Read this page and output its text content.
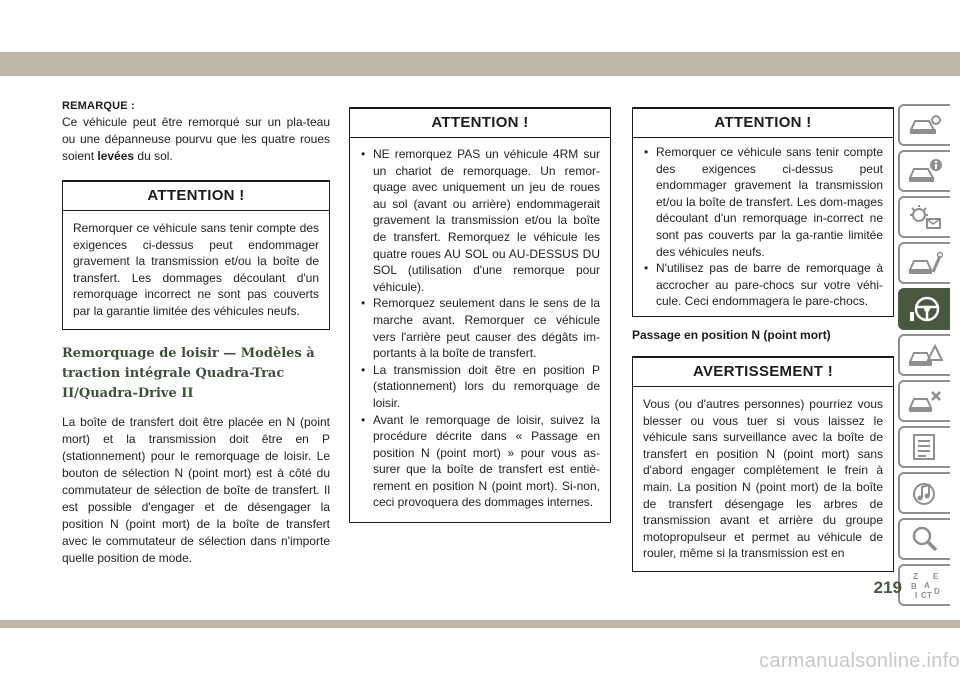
REMARQUE :
Ce véhicule peut être remorqué sur un pla-teau ou une dépanneuse pourvu que les quatre roues soient levées du sol.
ATTENTION !
Remorquer ce véhicule sans tenir compte des exigences ci-dessus peut endommager gravement la transmission et/ou la boîte de transfert. Les dommages découlant d'un remorquage incorrect ne sont pas couverts par la garantie limitée des véhicules neufs.
Remorquage de loisir — Modèles à traction intégrale Quadra-Trac II/Quadra-Drive II
La boîte de transfert doit être placée en N (point mort) et la transmission doit être en P (stationnement) pour le remorquage de loisir. Le bouton de sélection N (point mort) est à côté du commutateur de sélection de boîte de transfert. Il est possible d'engager et de désengager la position N (point mort) de la boîte de transfert avec le commutateur de sélection dans n'importe quelle position de mode.
ATTENTION !
• NE remorquez PAS un véhicule 4RM sur un chariot de remorquage. Un remor-quage avec uniquement un jeu de roues au sol (avant ou arrière) endommagerait gravement la transmission et/ou la boîte de transfert. Remorquez le véhicule les quatre roues AU SOL ou AU-DESSUS DU SOL (utilisation d'une remorque pour véhicule).
• Remorquez seulement dans le sens de la marche avant. Remorquer ce véhicule vers l'arrière peut causer des dégâts im-portants à la boîte de transfert.
• La transmission doit être en position P (stationnement) lors du remorquage de loisir.
• Avant le remorquage de loisir, suivez la procédure décrite dans « Passage en position N (point mort) » pour vous as-surer que la boîte de transfert est entiè-rement en position N (point mort). Si-non, ceci provoquera des dommages internes.
ATTENTION !
• Remorquer ce véhicule sans tenir compte des exigences ci-dessus peut endommager gravement la transmission et/ou la boîte de transfert. Les dom-mages découlant d'un remorquage in-correct ne sont pas couverts par la ga-rantie limitée des véhicules neufs.
• N'utilisez pas de barre de remorquage à accrocher au pare-chocs sur votre véhi-cule. Ceci endommagera le pare-chocs.
Passage en position N (point mort)
AVERTISSEMENT !
Vous (ou d'autres personnes) pourriez vous blesser ou vous tuer si vous laissez le véhicule sans surveillance avec la boîte de transfert en position N (point mort) sans d'abord engager complètement le frein à main. La position N (point mort) de la boîte de transfert désengage les arbres de transmission avant et arrière du groupe motopropulseur et permet au véhicule de rouler, même si la transmission est en
Z E
B A
I C T D
219
carmanualsonline.info
